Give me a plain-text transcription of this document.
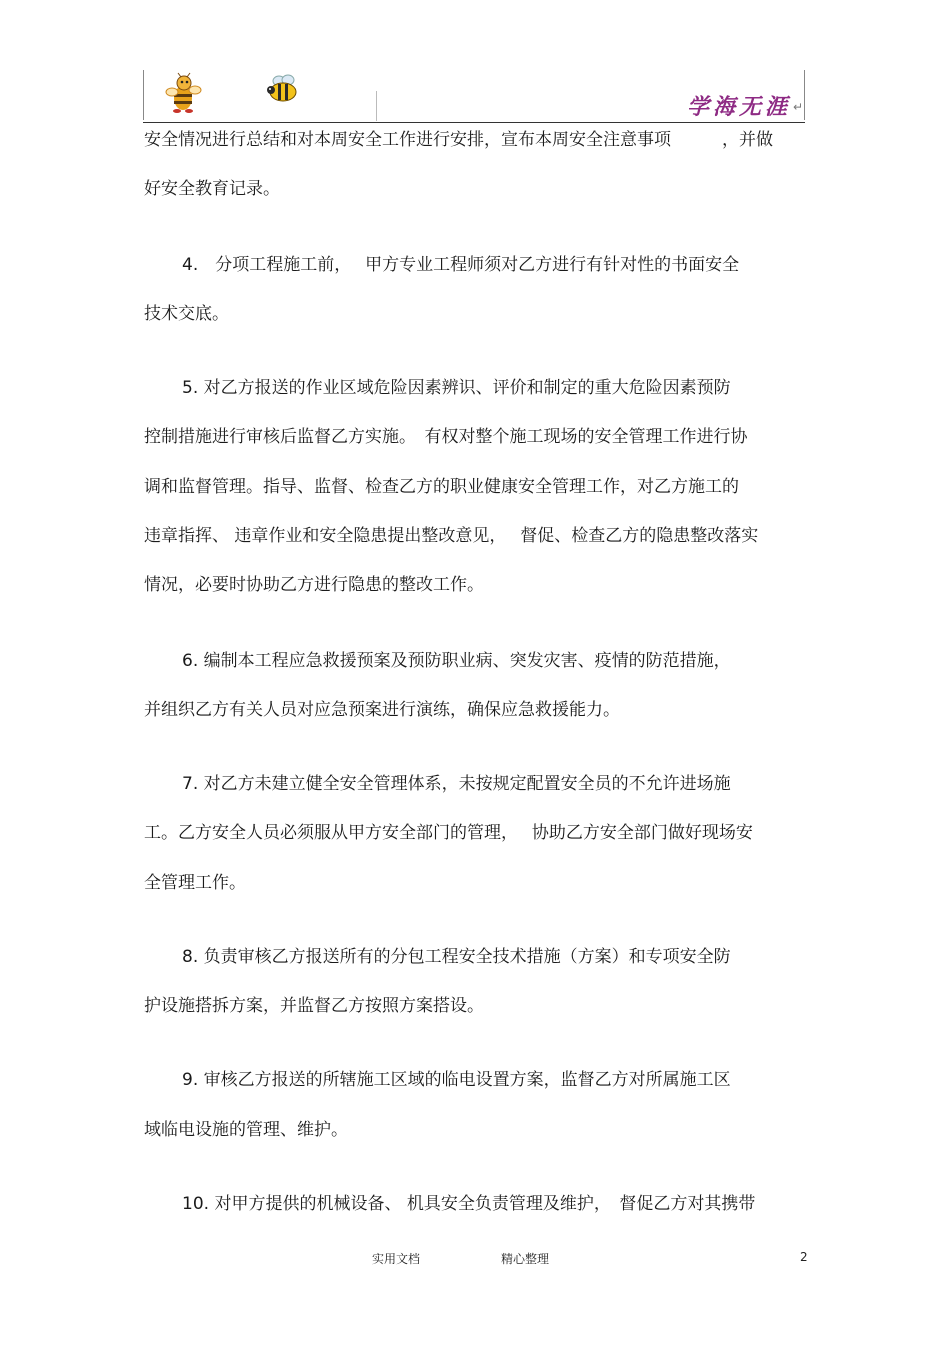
学海无涯 ↵
安全情况进行总结和对本周安全工作进行安排，宣布本周安全注意事项　　　，并做
好安全教育记录。
4.　分项工程施工前，　 甲方专业工程师须对乙方进行有针对性的书面安全
技术交底。
5. 对乙方报送的作业区域危险因素辨识、评价和制定的重大危险因素预防
控制措施进行审核后监督乙方实施。　有权对整个施工现场的安全管理工作进行协
调和监督管理。指导、监督、检查乙方的职业健康安全管理工作，对乙方施工的
违章指挥、 违章作业和安全隐患提出整改意见，　 督促、检查乙方的隐患整改落实
情况，必要时协助乙方进行隐患的整改工作。
6. 编制本工程应急救援预案及预防职业病、突发灾害、疫情的防范措施，
并组织乙方有关人员对应急预案进行演练，确保应急救援能力。
7. 对乙方未建立健全安全管理体系，未按规定配置安全员的不允许进场施
工。乙方安全人员必须服从甲方安全部门的管理，　 协助乙方安全部门做好现场安
全管理工作。
8. 负责审核乙方报送所有的分包工程安全技术措施（方案）和专项安全防
护设施搭拆方案，并监督乙方按照方案搭设。
9. 审核乙方报送的所辖施工区域的临电设置方案，监督乙方对所属施工区
域临电设施的管理、维护。
10. 对甲方提供的机械设备、 机具安全负责管理及维护，　督促乙方对其携带
实用文档	精心整理	2
